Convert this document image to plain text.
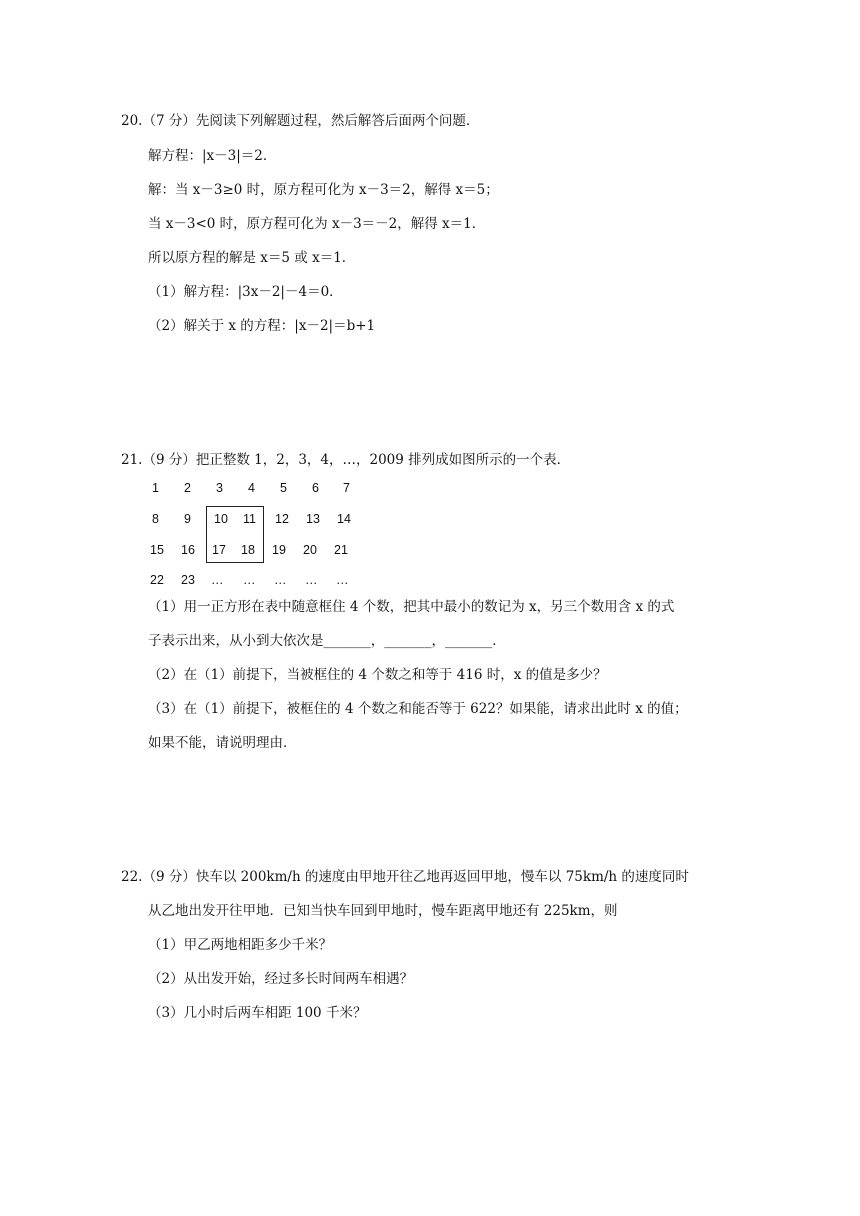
20.（7 分）先阅读下列解题过程，然后解答后面两个问题．
解方程：|x－3|＝2．
解：当 x－3≥0 时，原方程可化为 x－3＝2，解得 x＝5；
当 x－3<0 时，原方程可化为 x－3＝－2，解得 x＝1．
所以原方程的解是 x＝5 或 x＝1．
（1）解方程：|3x－2|－4＝0．
（2）解关于 x 的方程：|x－2|＝b+1
21.（9 分）把正整数 1，2，3，4，…，2009 排列成如图所示的一个表．
1 2 3 4 5 6 7
8 9 10 11 12 13 14
15 16 17 18 19 20 21
22 23 … … … … …
（1）用一正方形在表中随意框住 4 个数，把其中最小的数记为 x，另三个数用含 x 的式
子表示出来，从小到大依次是_______，_______，_______．
（2）在（1）前提下，当被框住的 4 个数之和等于 416 时，x 的值是多少？
（3）在（1）前提下，被框住的 4 个数之和能否等于 622？如果能，请求出此时 x 的值；
如果不能，请说明理由．
22.（9 分）快车以 200km/h 的速度由甲地开往乙地再返回甲地，慢车以 75km/h 的速度同时
从乙地出发开往甲地．已知当快车回到甲地时，慢车距离甲地还有 225km，则
（1）甲乙两地相距多少千米？
（2）从出发开始，经过多长时间两车相遇？
（3）几小时后两车相距 100 千米？
